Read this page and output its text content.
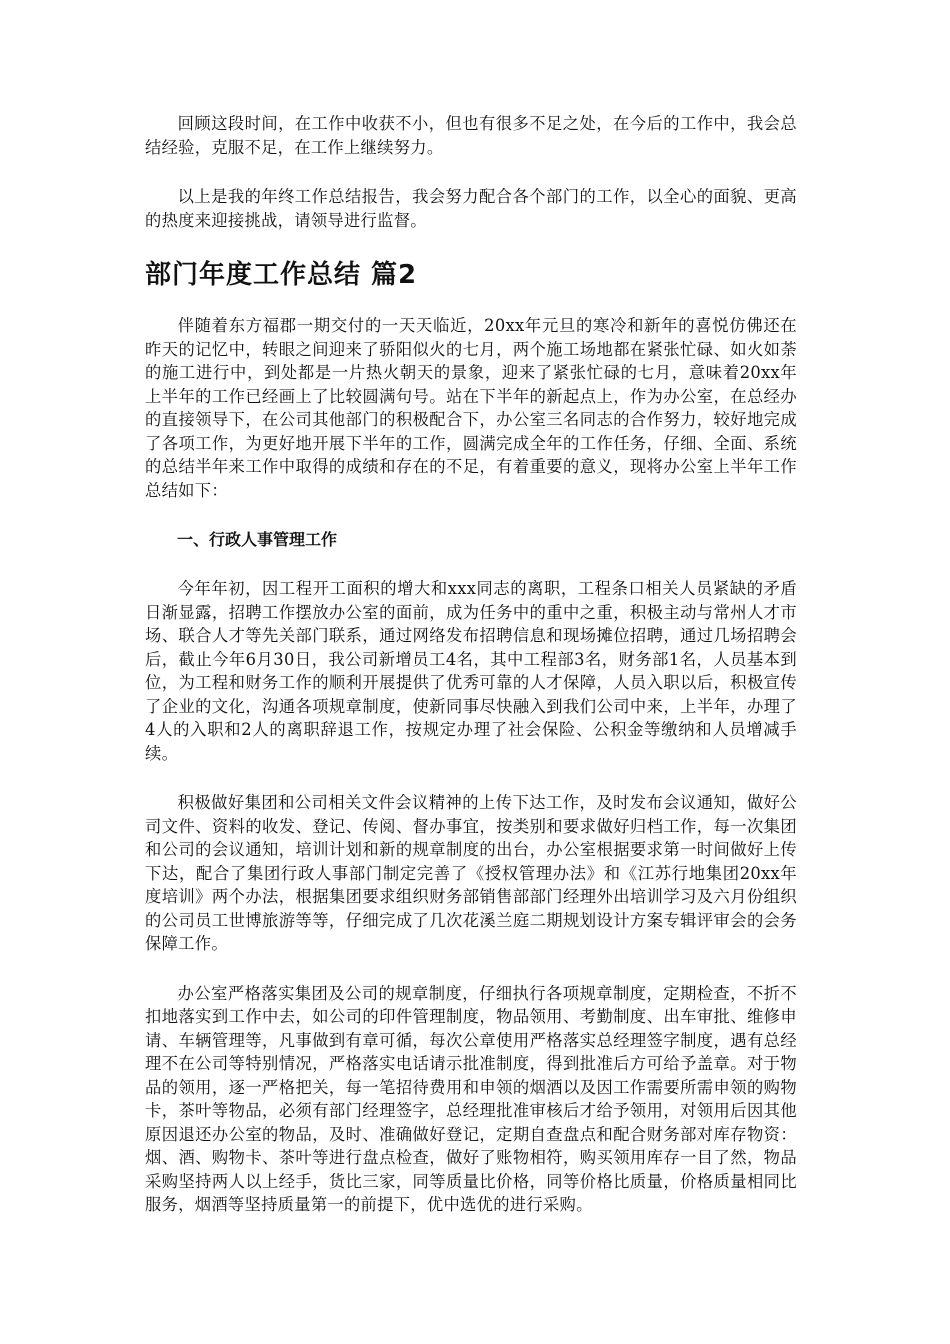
回顾这段时间，在工作中收获不小，但也有很多不足之处，在今后的工作中，我会总结经验，克服不足，在工作上继续努力。

以上是我的年终工作总结报告，我会努力配合各个部门的工作，以全心的面貌、更高的热度来迎接挑战，请领导进行监督。

部门年度工作总结 篇2

伴随着东方福郡一期交付的一天天临近，20xx年元旦的寒冷和新年的喜悦仿佛还在昨天的记忆中，转眼之间迎来了骄阳似火的七月，两个施工场地都在紧张忙碌、如火如荼的施工进行中，到处都是一片热火朝天的景象，迎来了紧张忙碌的七月，意味着20xx年上半年的工作已经画上了比较圆满句号。站在下半年的新起点上，作为办公室，在总经办的直接领导下，在公司其他部门的积极配合下，办公室三名同志的合作努力，较好地完成了各项工作，为更好地开展下半年的工作，圆满完成全年的工作任务，仔细、全面、系统的总结半年来工作中取得的成绩和存在的不足，有着重要的意义，现将办公室上半年工作总结如下：

一、行政人事管理工作

今年年初，因工程开工面积的增大和xxx同志的离职，工程条口相关人员紧缺的矛盾日渐显露，招聘工作摆放办公室的面前，成为任务中的重中之重，积极主动与常州人才市场、联合人才等先关部门联系，通过网络发布招聘信息和现场摊位招聘，通过几场招聘会后，截止今年6月30日，我公司新增员工4名，其中工程部3名，财务部1名，人员基本到位，为工程和财务工作的顺利开展提供了优秀可靠的人才保障，人员入职以后，积极宣传了企业的文化，沟通各项规章制度，使新同事尽快融入到我们公司中来，上半年，办理了4人的入职和2人的离职辞退工作，按规定办理了社会保险、公积金等缴纳和人员增减手续。

积极做好集团和公司相关文件会议精神的上传下达工作，及时发布会议通知，做好公司文件、资料的收发、登记、传阅、督办事宜，按类别和要求做好归档工作，每一次集团和公司的会议通知，培训计划和新的规章制度的出台，办公室根据要求第一时间做好上传下达，配合了集团行政人事部门制定完善了《授权管理办法》和《江苏行地集团20xx年度培训》两个办法，根据集团要求组织财务部销售部部门经理外出培训学习及六月份组织的公司员工世博旅游等等，仔细完成了几次花溪兰庭二期规划设计方案专辑评审会的会务保障工作。

办公室严格落实集团及公司的规章制度，仔细执行各项规章制度，定期检查，不折不扣地落实到工作中去，如公司的印件管理制度，物品领用、考勤制度、出车审批、维修申请、车辆管理等，凡事做到有章可循，每次公章使用严格落实总经理签字制度，遇有总经理不在公司等特别情况，严格落实电话请示批准制度，得到批准后方可给予盖章。对于物品的领用，逐一严格把关，每一笔招待费用和申领的烟酒以及因工作需要所需申领的购物卡，茶叶等物品，必须有部门经理签字，总经理批准审核后才给予领用，对领用后因其他原因退还办公室的物品，及时、准确做好登记，定期自查盘点和配合财务部对库存物资：烟、酒、购物卡、茶叶等进行盘点检查，做好了账物相符，购买领用库存一目了然，物品采购坚持两人以上经手，货比三家，同等质量比价格，同等价格比质量，价格质量相同比服务，烟酒等坚持质量第一的前提下，优中选优的进行采购。
